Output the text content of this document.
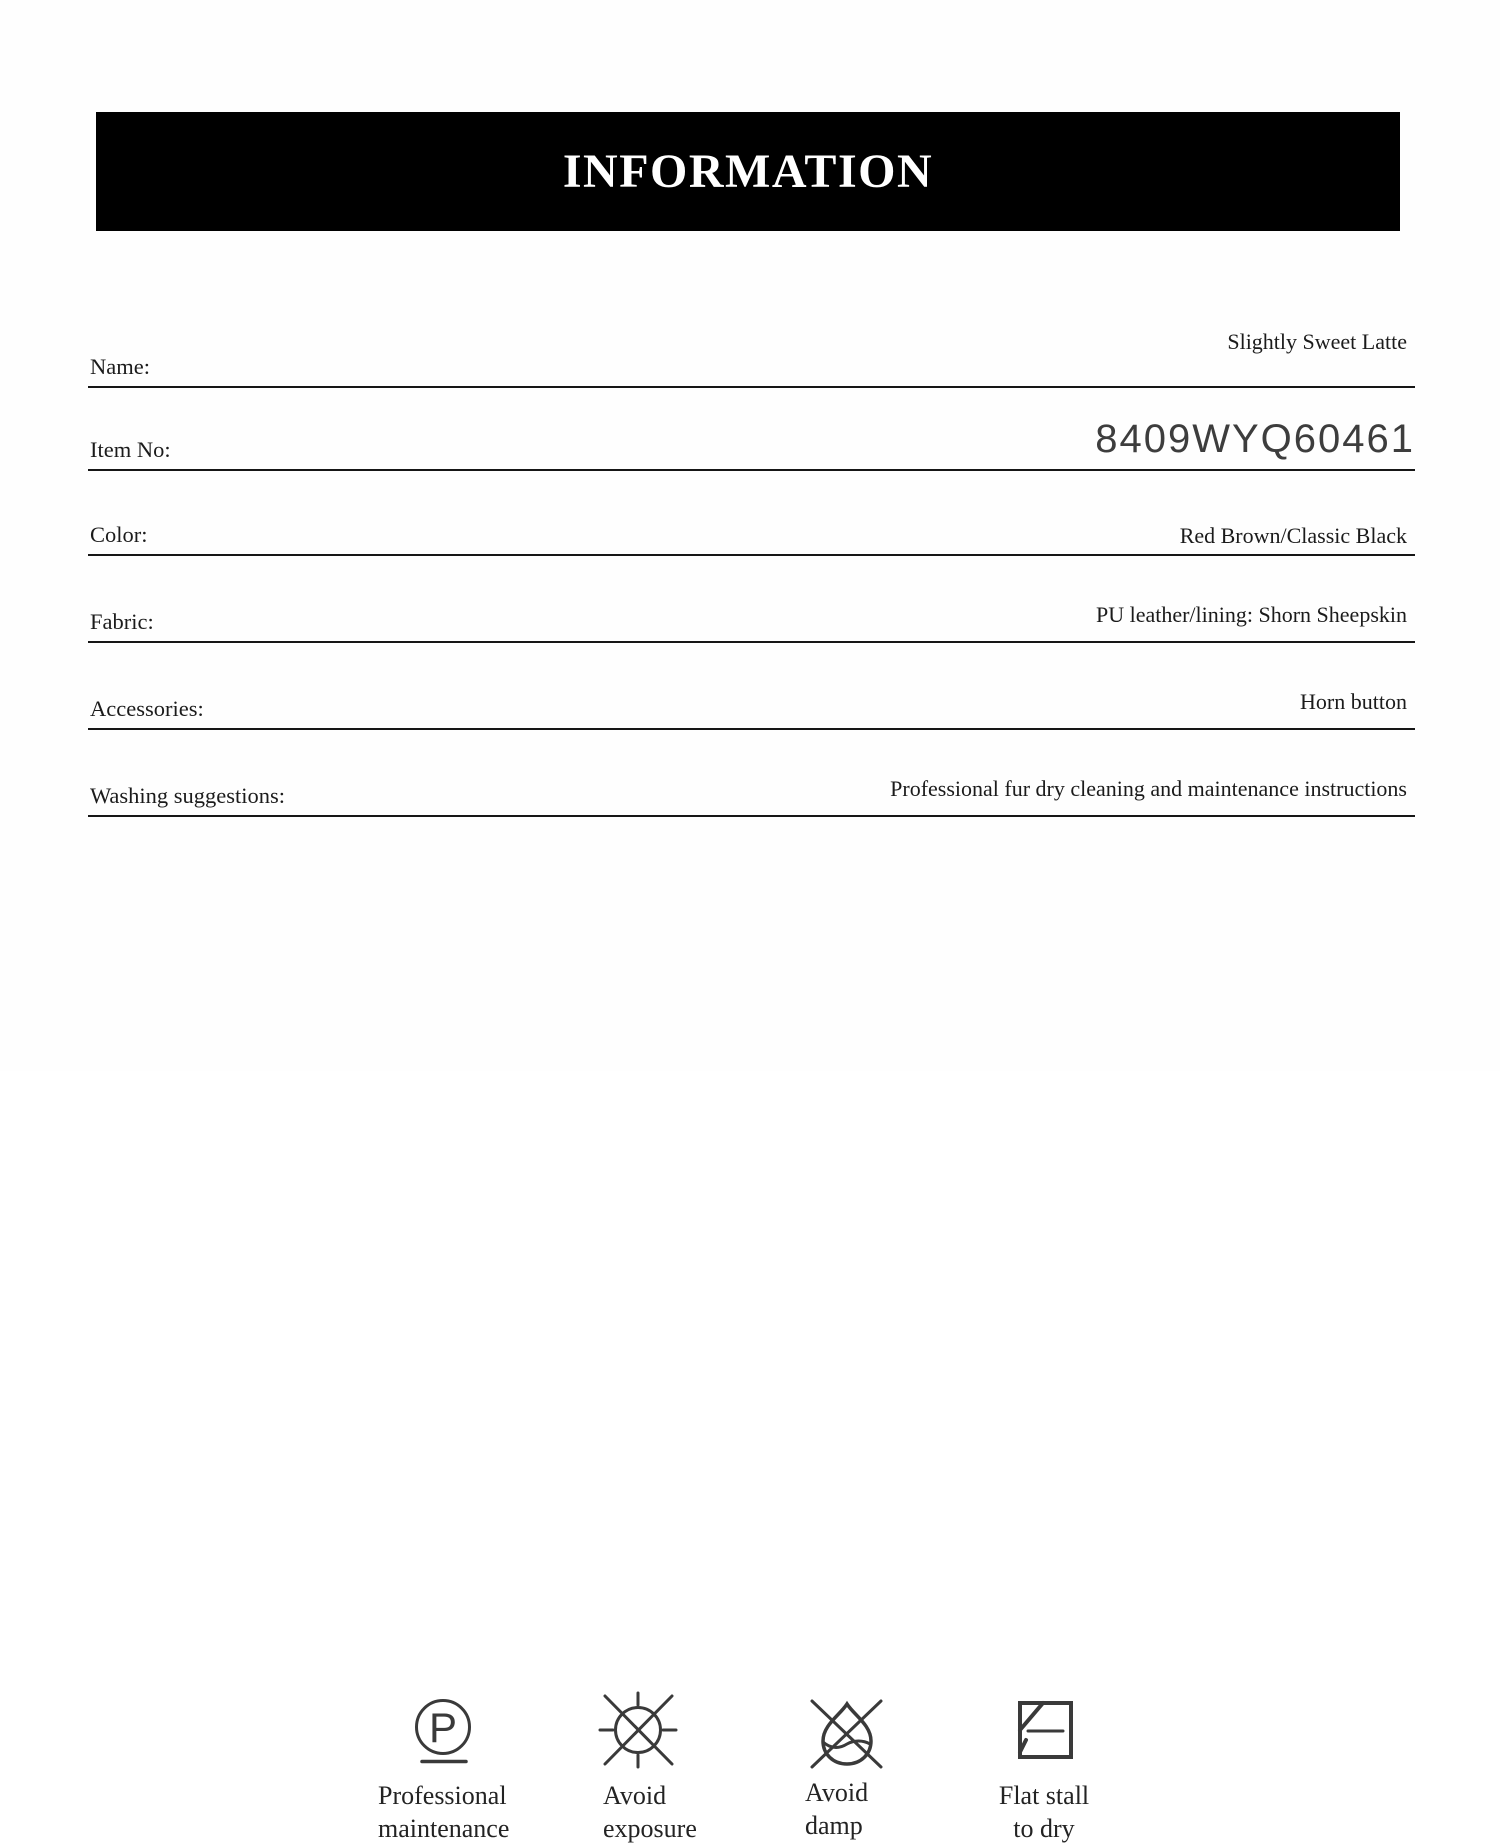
INFORMATION
Name:
Slightly Sweet Latte
Item No:	8409WYQ60461
Color:	Red Brown/Classic Black
Fabric:	PU leather/lining: Shorn Sheepskin
Accessories:	Horn button
Washing suggestions:	Professional fur dry cleaning and maintenance instructions
P
Professional
maintenance
Avoid
exposure
Avoid
damp
Flat stall
to dry
